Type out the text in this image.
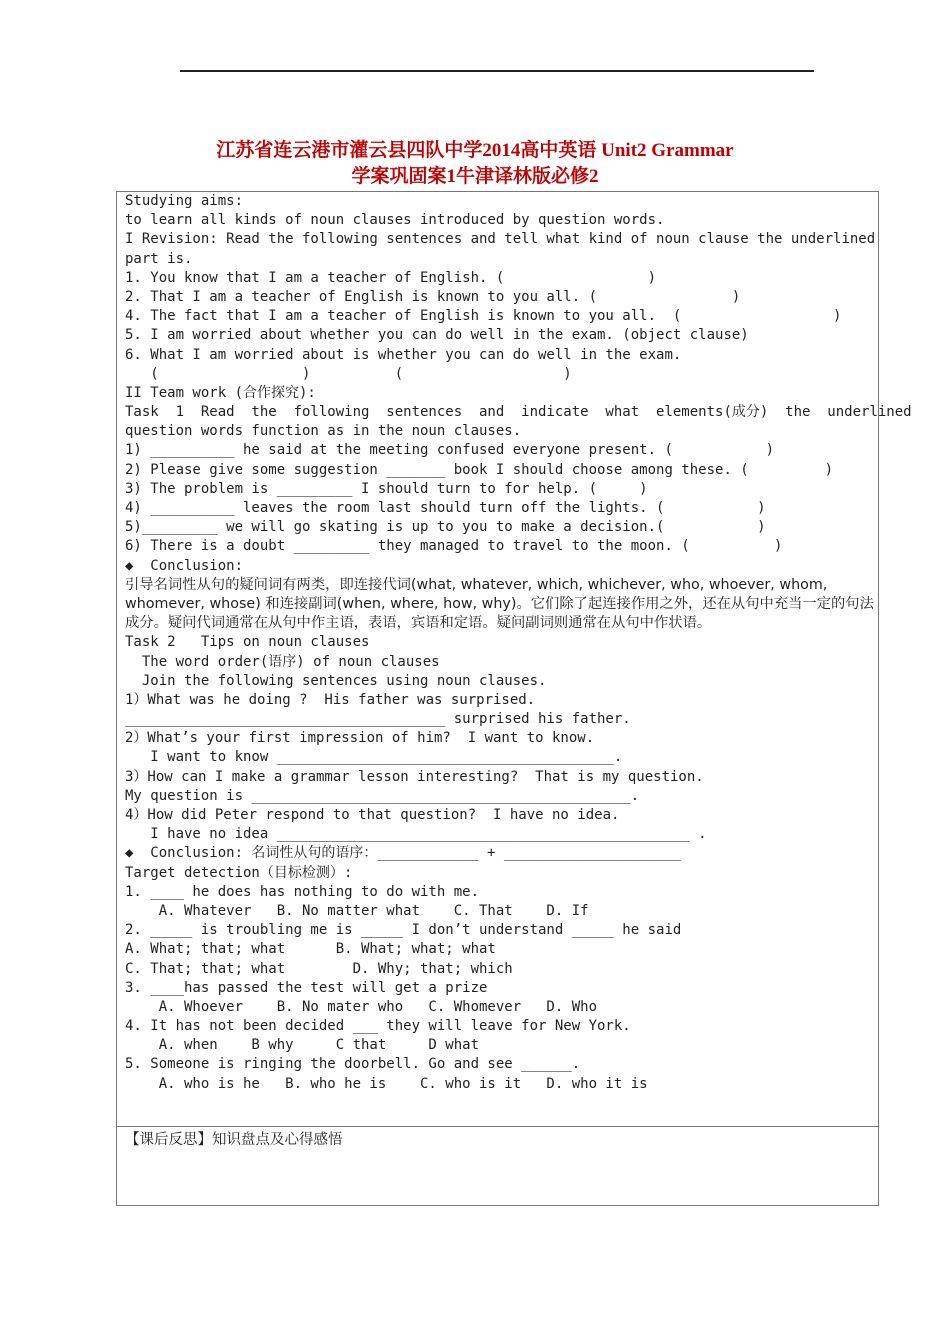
江苏省连云港市灌云县四队中学2014高中英语 Unit2 Grammar
学案巩固案1牛津译林版必修2
Studying aims:
to learn all kinds of noun clauses introduced by question words.
I Revision: Read the following sentences and tell what kind of noun clause the underlined
part is.
1. You know that I am a teacher of English. (                 )
2. That I am a teacher of English is known to you all. (                )
4. The fact that I am a teacher of English is known to you all.  (                  )
5. I am worried about whether you can do well in the exam. (object clause)
6. What I am worried about is whether you can do well in the exam.
(                 )          (                   )
II Team work (合作探究):
Task  1  Read  the  following  sentences  and  indicate  what  elements(成分)  the  underlined
question words function as in the noun clauses.
1) __________ he said at the meeting confused everyone present. (           )
2) Please give some suggestion _______ book I should choose among these. (         )
3) The problem is _________ I should turn to for help. (     )
4) __________ leaves the room last should turn off the lights. (           )
5)_________ we will go skating is up to you to make a decision.(           )
6) There is a doubt _________ they managed to travel to the moon. (          )
◆  Conclusion:
引导名词性从句的疑问词有两类，即连接代词(what, whatever, which, whichever, who, whoever, whom, whomever, whose) 和连接副词(when, where, how, why)。它们除了起连接作用之外，还在从句中充当一定的句法成分。疑问代词通常在从句中作主语，表语，宾语和定语。疑问副词则通常在从句中作状语。
Task 2   Tips on noun clauses
The word order(语序) of noun clauses
Join the following sentences using noun clauses.
1）What was he doing ?  His father was surprised.
______________________________________ surprised his father.
2）What’s your first impression of him?  I want to know.
I want to know ________________________________________.
3）How can I make a grammar lesson interesting?  That is my question.
My question is _____________________________________________.
4）How did Peter respond to that question?  I have no idea.
I have no idea _________________________________________________ .
◆  Conclusion: 名词性从句的语序：____________ + _____________________
Target detection（目标检测）:
1. ____ he does has nothing to do with me.
A. Whatever   B. No matter what    C. That    D. If
2. _____ is troubling me is _____ I don’t understand _____ he said
A. What; that; what      B. What; what; what
C. That; that; what        D. Why; that; which
3. ____has passed the test will get a prize
A. Whoever    B. No mater who   C. Whomever   D. Who
4. It has not been decided ___ they will leave for New York.
A. when    B why     C that     D what
5. Someone is ringing the doorbell. Go and see ______.
A. who is he   B. who he is    C. who is it   D. who it is
【课后反思】知识盘点及心得感悟
